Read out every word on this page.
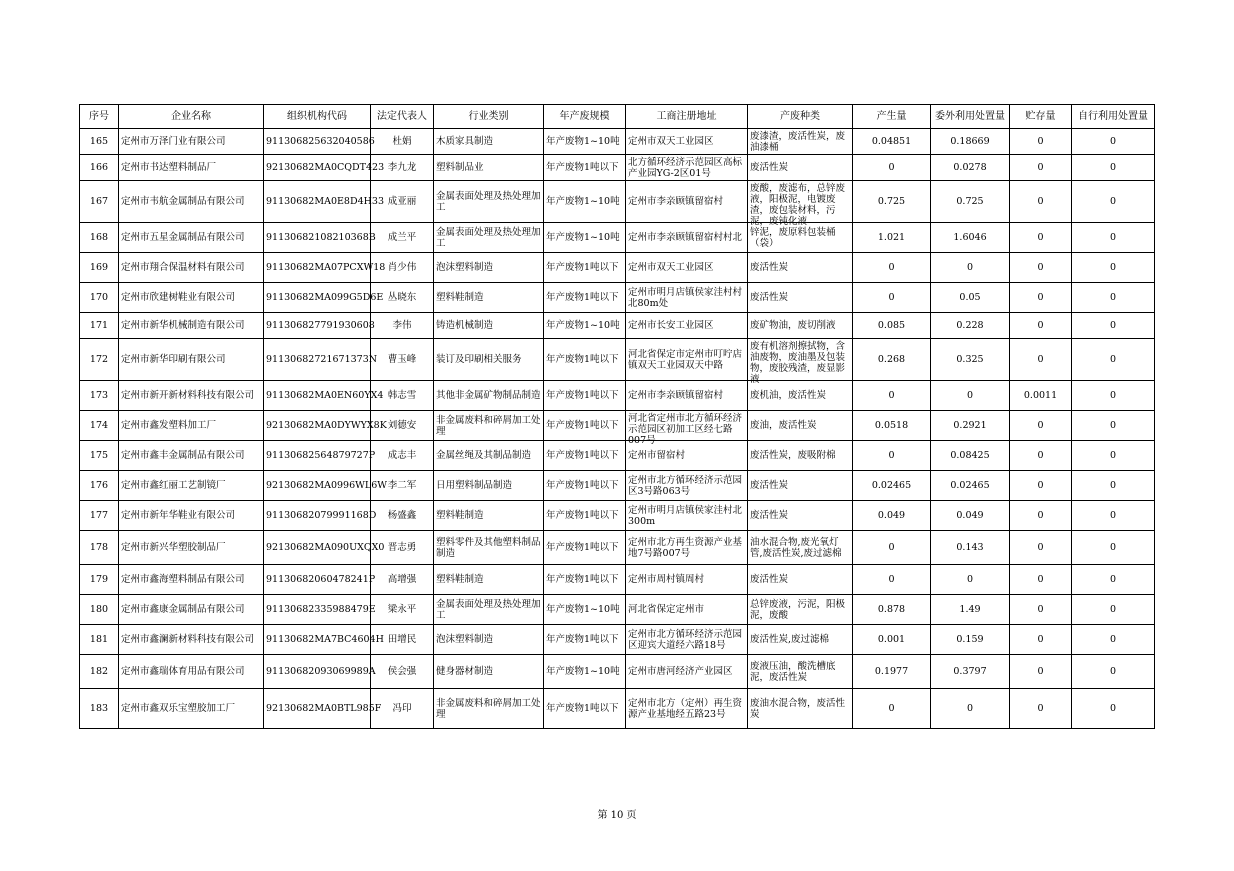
序号	企业名称	组织机构代码	法定代表人	行业类别	年产废规模	工商注册地址	产废种类	产生量	委外利用处置量	贮存量	自行利用处置量

165	定州市万泽门业有限公司	911306825632040586	杜娟	木质家具制造	年产废物1~10吨	定州市双天工业园区	废漆渣，废活性炭，废油漆桶	0.04851	0.18669	0	0

166	定州市书达塑料制品厂	92130682MA0CQDT423	李九龙	塑料制品业	年产废物1吨以下	北方循环经济示范园区高标产业园YG-2区01号	废活性炭	0	0.0278	0	0

167	定州市韦航金属制品有限公司	91130682MA0E8D4H33	成亚丽	金属表面处理及热处理加工	年产废物1~10吨	定州市李亲顾镇留宿村	废酸，废滤布，总锌废液，阳极泥，电镀废渣，废包装材料，污泥，废钝化液	0.725	0.725	0	0

168	定州市五星金属制品有限公司	91130682108210368B	成兰平	金属表面处理及热处理加工	年产废物1~10吨	定州市李亲顾镇留宿村村北	锌泥，废原料包装桶（袋）	1.021	1.6046	0	0

169	定州市翔合保温材料有限公司	91130682MA07PCXW18	肖少伟	泡沫塑料制造	年产废物1吨以下	定州市双天工业园区	废活性炭	0	0	0	0

170	定州市欣建树鞋业有限公司	91130682MA099G5D6E	丛晓东	塑料鞋制造	年产废物1吨以下	定州市明月店镇侯家洼村村北80m处	废活性炭	0	0.05	0	0

171	定州市新华机械制造有限公司	911306827791930608	李伟	铸造机械制造	年产废物1~10吨	定州市长安工业园区	废矿物油，废切削液	0.085	0.228	0	0

172	定州市新华印刷有限公司	91130682721671373N	曹玉峰	装订及印刷相关服务	年产废物1吨以下	河北省保定市定州市叮咛店镇双天工业园双天中路	废有机溶剂擦拭物，含油废物，废油墨及包装物，废胶残渣，废显影液	0.268	0.325	0	0

173	定州市新开新材料科技有限公司	91130682MA0EN60YX4	韩志雪	其他非金属矿物制品制造	年产废物1吨以下	定州市李亲顾镇留宿村	废机油，废活性炭	0	0	0.0011	0

174	定州市鑫发塑料加工厂	92130682MA0DYWYX8K	刘德安	非金属废料和碎屑加工处理	年产废物1吨以下	河北省定州市北方循环经济示范园区初加工区经七路007号	废油，废活性炭	0.0518	0.2921	0	0

175	定州市鑫丰金属制品有限公司	91130682564879727P	成志丰	金属丝绳及其制品制造	年产废物1吨以下	定州市留宿村	废活性炭，废吸附棉	0	0.08425	0	0

176	定州市鑫红丽工艺制镜厂	92130682MA0996WL6W	李二军	日用塑料制品制造	年产废物1吨以下	定州市北方循环经济示范园区3号路063号	废活性炭	0.02465	0.02465	0	0

177	定州市新年华鞋业有限公司	91130682079991168D	杨盛鑫	塑料鞋制造	年产废物1吨以下	定州市明月店镇侯家洼村北300m	废活性炭	0.049	0.049	0	0

178	定州市新兴华塑胶制品厂	92130682MA090UXQX0	晋志勇	塑料零件及其他塑料制品制造	年产废物1吨以下	定州市北方再生资源产业基地7号路007号	油水混合物,废光氧灯管,废活性炭,废过滤棉	0	0.143	0	0

179	定州市鑫海塑料制品有限公司	91130682060478241P	高增强	塑料鞋制造	年产废物1吨以下	定州市周村镇周村	废活性炭	0	0	0	0

180	定州市鑫康金属制品有限公司	91130682335988479E	梁永平	金属表面处理及热处理加工	年产废物1~10吨	河北省保定定州市	总锌废液，污泥，阳极泥，废酸	0.878	1.49	0	0

181	定州市鑫澜新材料科技有限公司	91130682MA7BC4604H	田增民	泡沫塑料制造	年产废物1吨以下	定州市北方循环经济示范园区迎宾大道经六路18号	废活性炭,废过滤棉	0.001	0.159	0	0

182	定州市鑫瑞体育用品有限公司	91130682093069989A	侯会强	健身器材制造	年产废物1~10吨	定州市唐河经济产业园区	废液压油，酸洗槽底泥，废活性炭	0.1977	0.3797	0	0

183	定州市鑫双乐宝塑胶加工厂	92130682MA0BTL985F	冯印	非金属废料和碎屑加工处理	年产废物1吨以下	定州市北方（定州）再生资源产业基地经五路23号	废油水混合物，废活性炭	0	0	0	0
第 10 页
